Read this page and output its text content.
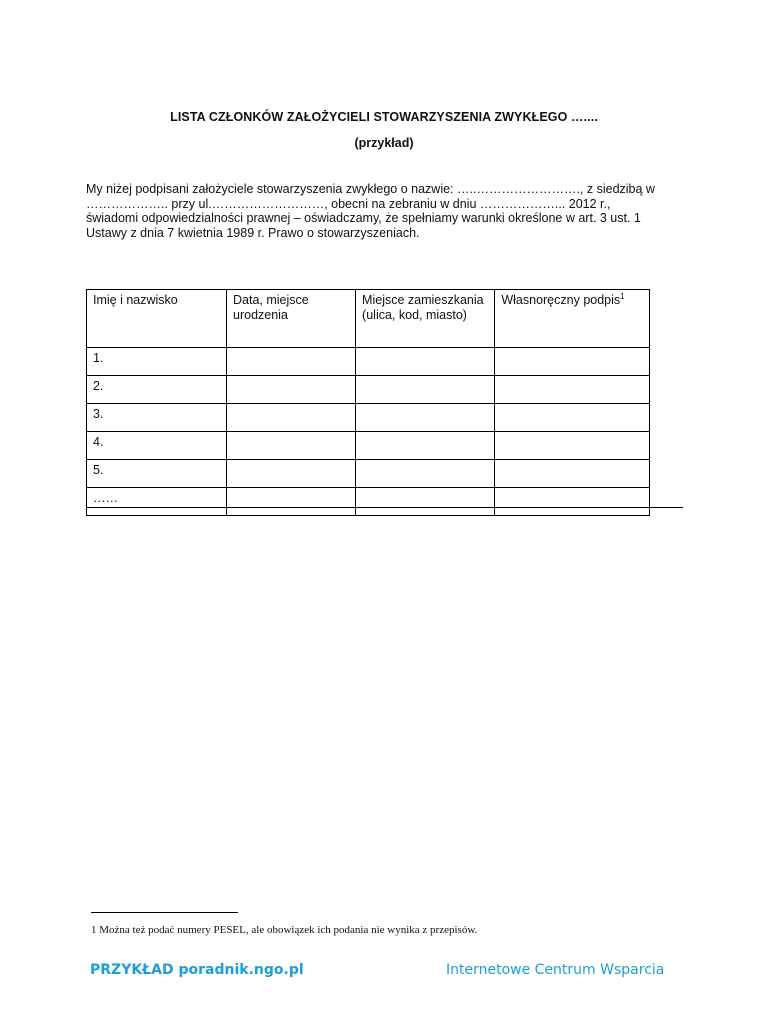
LISTA CZŁONKÓW ZAŁOŻYCIELI STOWARZYSZENIA ZWYKŁEGO …....
(przykład)

My niżej podpisani założyciele stowarzyszenia zwykłego o nazwie: …..……………………., z siedzibą w
……………….. przy ul.………………………, obecni na zebraniu w dniu ………………... 2012 r.,
świadomi odpowiedzialności prawnej – oświadczamy, że spełniamy warunki określone w art. 3 ust. 1
Ustawy z dnia 7 kwietnia 1989 r. Prawo o stowarzyszeniach.

Imię i nazwisko	Data, miejsce urodzenia	Miejsce zamieszkania (ulica, kod, miasto)	Własnoręczny podpis$^1$
1.			
2.			
3.			
4.			
5.			
……			
1 Można też podać numery PESEL, ale obowiązek ich podania nie wynika z przepisów.
PRZYKŁAD poradnik.ngo.pl	Internetowe Centrum Wsparcia
